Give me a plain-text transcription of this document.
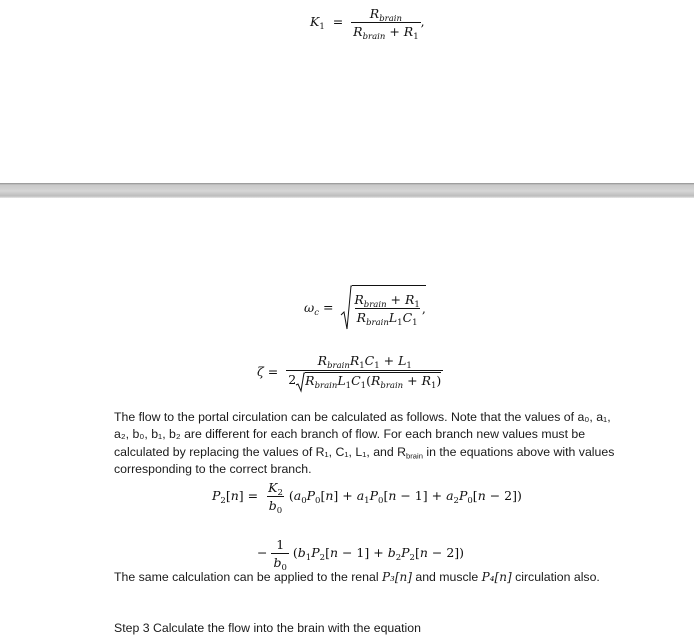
$K_1 = \frac{R_{brain}}{R_{brain} + R_1}$ ,
$\omega_c = \frac{R_{brain} + R_1}{R_{brain}L_1C_1}$ ,
$\zeta = \frac{R_{brain}R_1C_1 + L_1}{2 R_{brain}L_1C_1(R_{brain} + R_1)}$
The flow to the portal circulation can be calculated as follows. Note that the values of a₀, a₁, a₂, b₀, b₁, b₂ are different for each branch of flow. For each branch new values must be calculated by replacing the values of R₁, C₁, L₁, and $R_{brain}$ in the equations above with values corresponding to the correct branch.
$P_2[n] = \frac{K_2}{b_0} (a_0P_0[n] + a_1P_0[n - 1] + a_2P_0[n - 2])$
− $\frac{1}{b_0} (b_1P_2[n - 1] + b_2P_2[n - 2])$
The same calculation can be applied to the renal P₃[n] and muscle P₄[n] circulation also.
Step 3 Calculate the flow into the brain with the equation
